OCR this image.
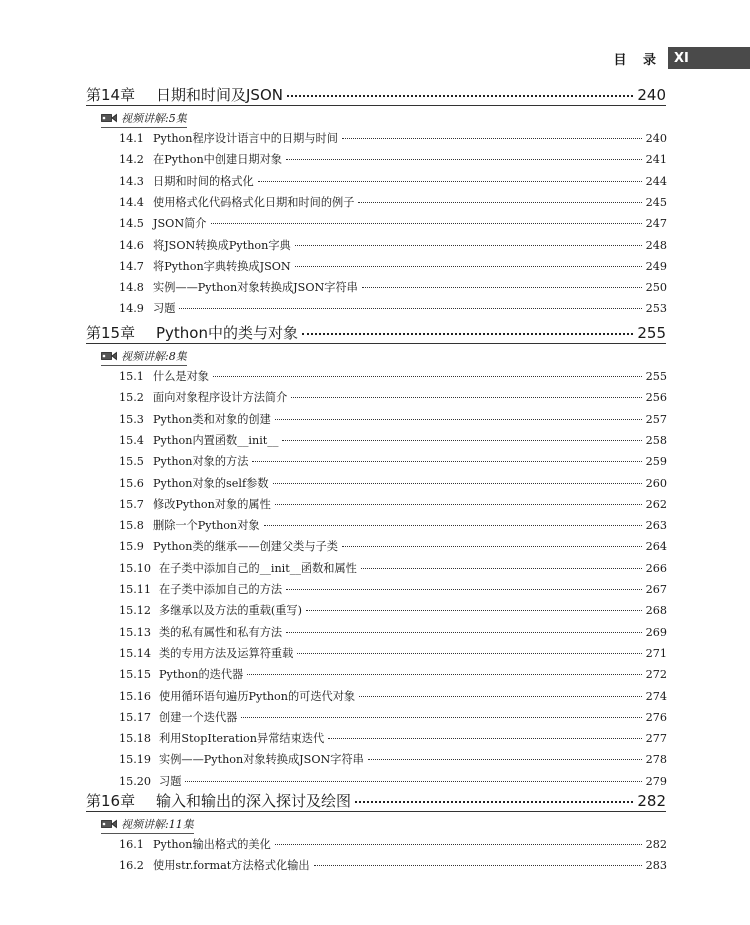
目 录 XI
第14章	日期和时间及JSON	240
视频讲解:5集
14.1 Python程序设计语言中的日期与时间	240
14.2 在Python中创建日期对象	241
14.3 日期和时间的格式化	244
14.4 使用格式化代码格式化日期和时间的例子	245
14.5 JSON简介	247
14.6 将JSON转换成Python字典	248
14.7 将Python字典转换成JSON	249
14.8 实例——Python对象转换成JSON字符串	250
14.9 习题	253
第15章	Python中的类与对象	255
视频讲解:8集
15.1 什么是对象	255
15.2 面向对象程序设计方法简介	256
15.3 Python类和对象的创建	257
15.4 Python内置函数__init__	258
15.5 Python对象的方法	259
15.6 Python对象的self参数	260
15.7 修改Python对象的属性	262
15.8 删除一个Python对象	263
15.9 Python类的继承——创建父类与子类	264
15.10 在子类中添加自己的__init__函数和属性	266
15.11 在子类中添加自己的方法	267
15.12 多继承以及方法的重载(重写)	268
15.13 类的私有属性和私有方法	269
15.14 类的专用方法及运算符重载	271
15.15 Python的迭代器	272
15.16 使用循环语句遍历Python的可迭代对象	274
15.17 创建一个迭代器	276
15.18 利用StopIteration异常结束迭代	277
15.19 实例——Python对象转换成JSON字符串	278
15.20 习题	279
第16章	输入和输出的深入探讨及绘图	282
视频讲解:11集
16.1 Python输出格式的美化	282
16.2 使用str.format方法格式化输出	283
